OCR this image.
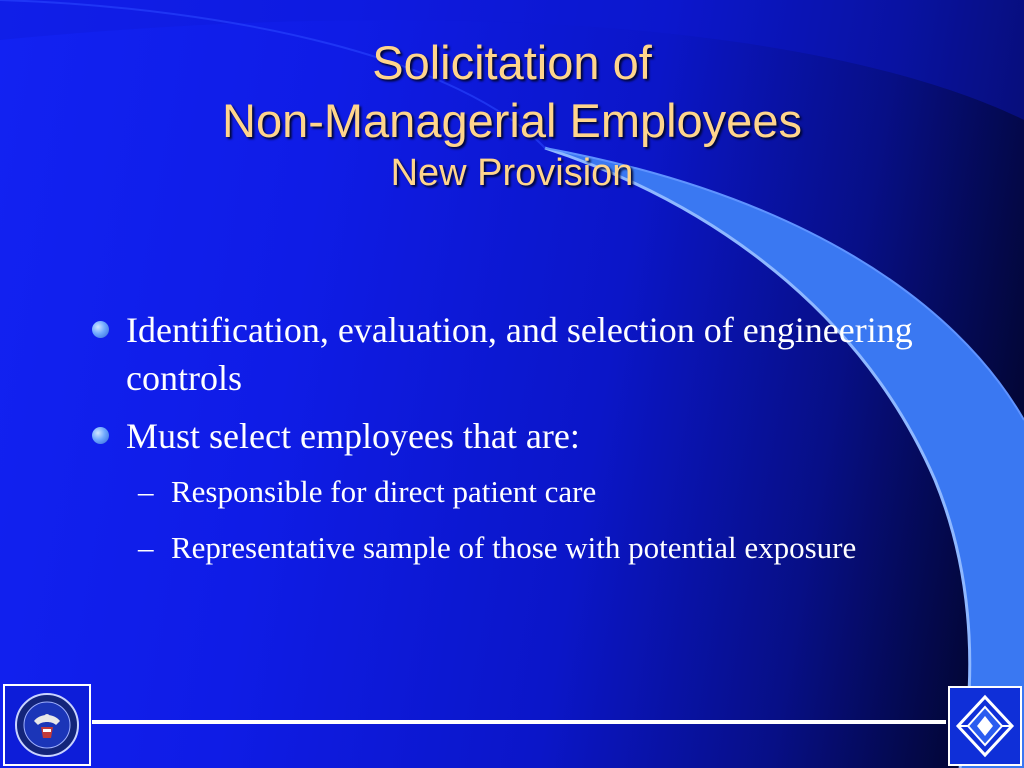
Solicitation of
Non-Managerial Employees
New Provision
Identification, evaluation, and selection of engineering controls
Must select employees that are:
– Responsible for direct patient care
– Representative sample of those with potential exposure
